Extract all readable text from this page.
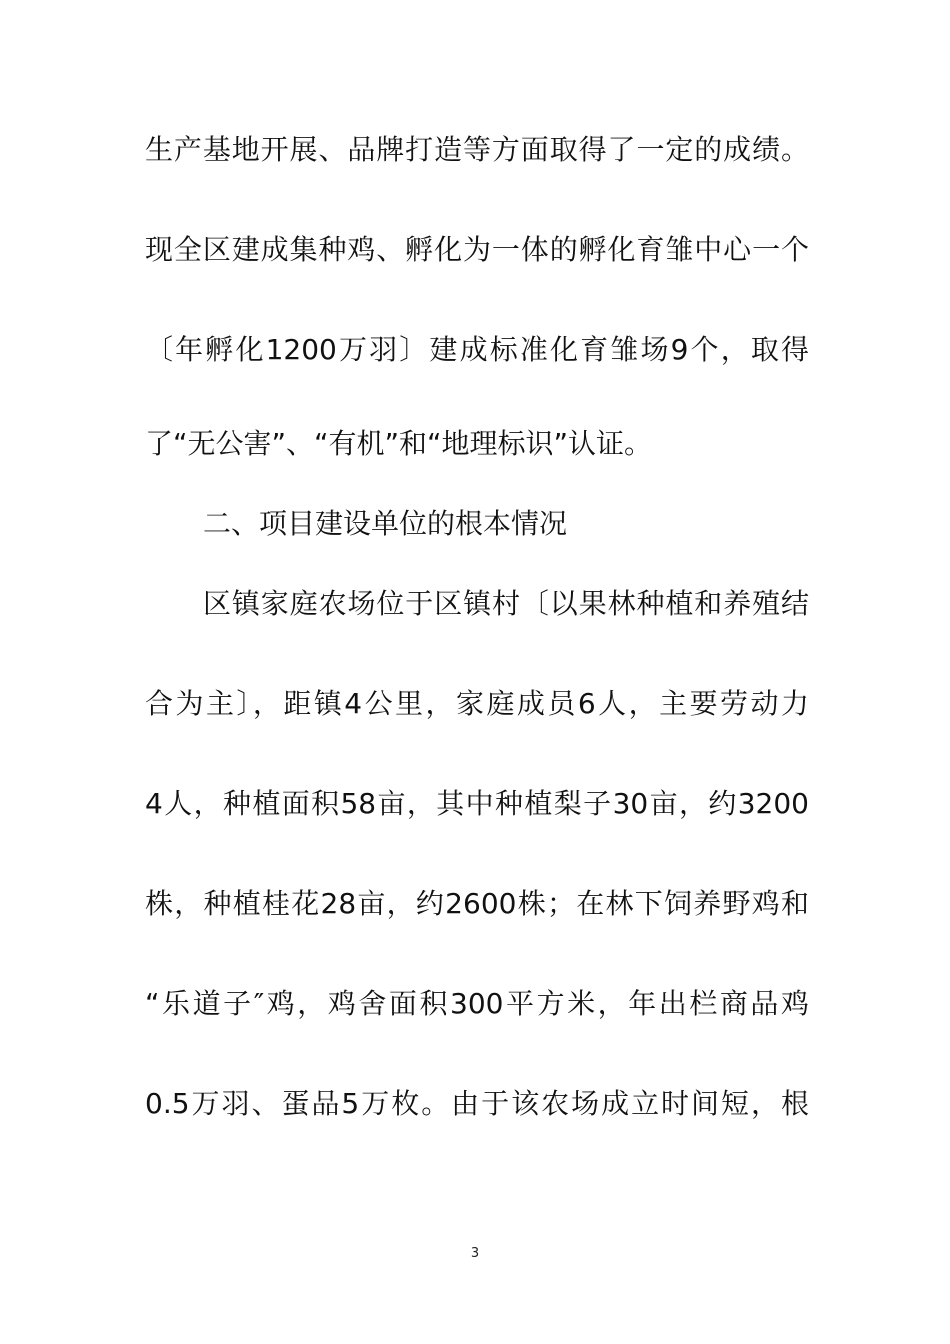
生产基地开展、品牌打造等方面取得了一定的成绩。
现全区建成集种鸡、孵化为一体的孵化育雏中心一个
〔年孵化1200万羽〕建成标准化育雏场9个，取得
了“无公害”、“有机”和“地理标识”认证。
二、项目建设单位的根本情况
区镇家庭农场位于区镇村〔以果林种植和养殖结
合为主〕，距镇4公里，家庭成员6人，主要劳动力
4人，种植面积58亩，其中种植梨子30亩，约3200
株，种植桂花28亩，约2600株；在林下饲养野鸡和
“乐道子″鸡，鸡舍面积300平方米，年出栏商品鸡
0.5万羽、蛋品5万枚。由于该农场成立时间短，根
3
